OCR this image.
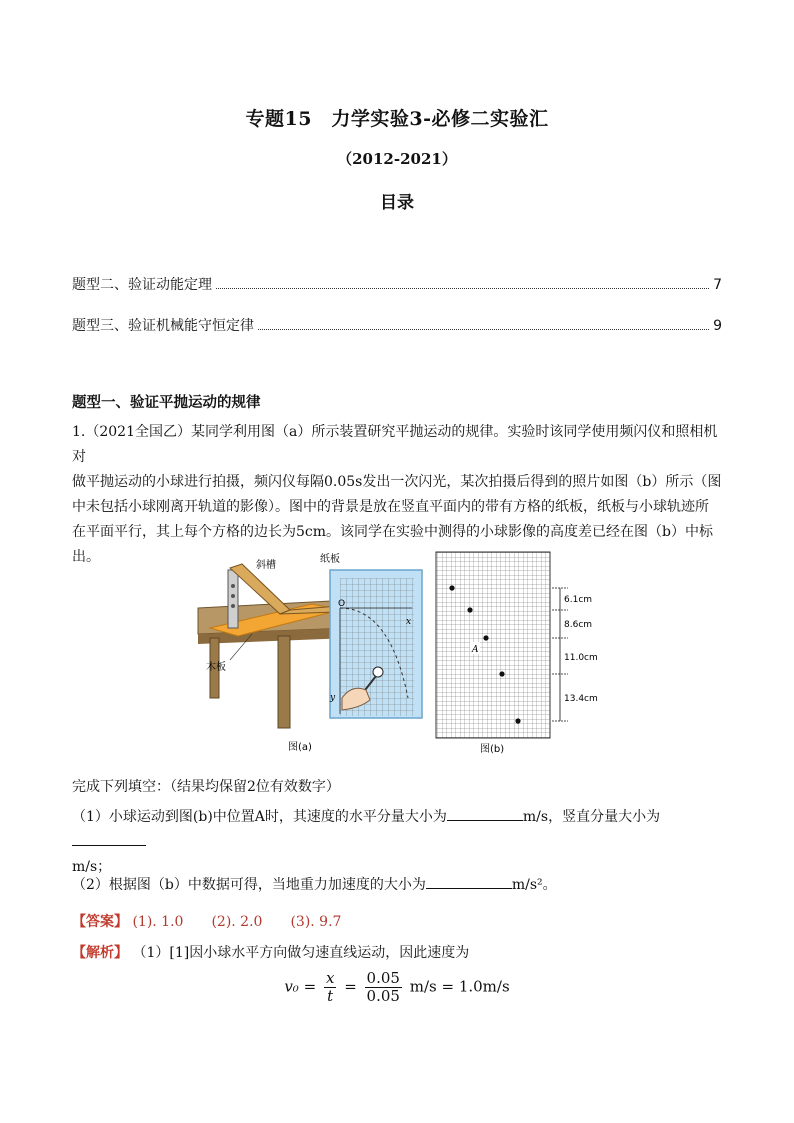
专题15　力学实验3-必修二实验汇
（2012-2021）
目录
题型二、验证动能定理	7
题型三、验证机械能守恒定律	9
题型一、验证平抛运动的规律

1.（2021全国乙）某同学利用图（a）所示装置研究平抛运动的规律。实验时该同学使用频闪仪和照相机对

做平抛运动的小球进行拍摄，频闪仪每隔0.05s发出一次闪光，某次拍摄后得到的照片如图（b）所示（图

中未包括小球刚离开轨道的影像）。图中的背景是放在竖直平面内的带有方格的纸板，纸板与小球轨迹所

在平面平行，其上每个方格的边长为5cm。该同学在实验中测得的小球影像的高度差已经在图（b）中标出。

斜槽
纸板
木板
O
x
y
图(a)
A
6.1cm
8.6cm
11.0cm
13.4cm
图(b)
完成下列填空：（结果均保留2位有效数字）
（1）小球运动到图(b)中位置A时，其速度的水平分量大小为	m/s，竖直分量大小为
m/s；
（2）根据图（b）中数据可得，当地重力加速度的大小为	m/s²。
【答案】 (1). 1.0　　(2). 2.0　　(3). 9.7
【解析】 （1）[1]因小球水平方向做匀速直线运动，因此速度为
$v_0 = \frac{x}{t} = \frac{0.05}{0.05} m/s = 1.0m/s$
